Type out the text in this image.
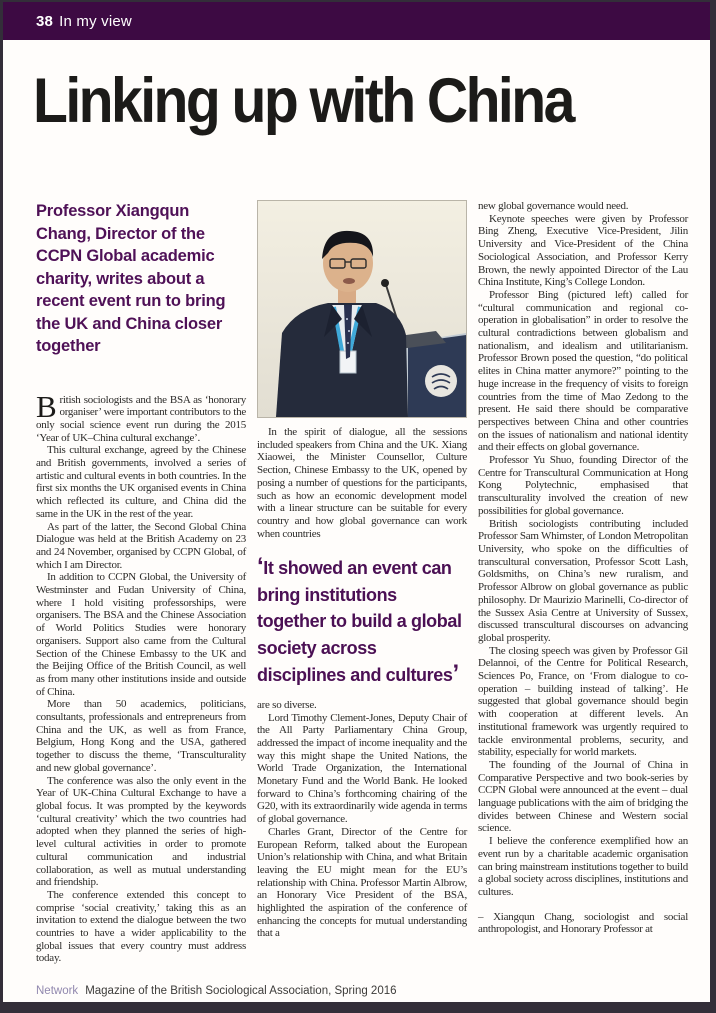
38 In my view
Linking up with China
Professor Xiangqun Chang, Director of the CCPN Global academic charity, writes about a recent event run to bring the UK and China closer together

British sociologists and the BSA as ‘honorary organiser’ were important contributors to the only social science event run during the 2015 ‘Year of UK–China cultural exchange’.

This cultural exchange, agreed by the Chinese and British governments, involved a series of artistic and cultural events in both countries. In the first six months the UK organised events in China which reflected its culture, and China did the same in the UK in the rest of the year.

As part of the latter, the Second Global China Dialogue was held at the British Academy on 23 and 24 November, organised by CCPN Global, of which I am Director.

In addition to CCPN Global, the University of Westminster and Fudan University of China, where I hold visiting professorships, were organisers. The BSA and the Chinese Association of World Politics Studies were honorary organisers. Support also came from the Cultural Section of the Chinese Embassy to the UK and the Beijing Office of the British Council, as well as from many other institutions inside and outside of China.

More than 50 academics, politicians, consultants, professionals and entrepreneurs from China and the UK, as well as from France, Belgium, Hong Kong and the USA, gathered together to discuss the theme, ‘Transculturality and new global governance’.

The conference was also the only event in the Year of UK-China Cultural Exchange to have a global focus. It was prompted by the keywords ‘cultural creativity’ which the two countries had adopted when they planned the series of high-level cultural activities in order to promote cultural communication and industrial collaboration, as well as mutual understanding and friendship.

The conference extended this concept to comprise ‘social creativity,’ taking this as an invitation to extend the dialogue between the two countries to have a wider applicability to the global issues that every country must address today.

In the spirit of dialogue, all the sessions included speakers from China and the UK. Xiang Xiaowei, the Minister Counsellor, Culture Section, Chinese Embassy to the UK, opened by posing a number of questions for the participants, such as how an economic development model with a linear structure can be suitable for every country and how global governance can work when countries

‘It showed an event can bring institutions together to build a global society across disciplines and cultures’

are so diverse.

Lord Timothy Clement-Jones, Deputy Chair of the All Party Parliamentary China Group, addressed the impact of income inequality and the way this might shape the United Nations, the World Trade Organization, the International Monetary Fund and the World Bank. He looked forward to China’s forthcoming chairing of the G20, with its extraordinarily wide agenda in terms of global governance.

Charles Grant, Director of the Centre for European Reform, talked about the European Union’s relationship with China, and what Britain leaving the EU might mean for the EU’s relationship with China. Professor Martin Albrow, an Honorary Vice President of the BSA, highlighted the aspiration of the conference of enhancing the concepts for mutual understanding that a

new global governance would need.

Keynote speeches were given by Professor Bing Zheng, Executive Vice-President, Jilin University and Vice-President of the China Sociological Association, and Professor Kerry Brown, the newly appointed Director of the Lau China Institute, King’s College London.

Professor Bing (pictured left) called for “cultural communication and regional co-operation in globalisation” in order to resolve the cultural contradictions between globalism and nationalism, and idealism and utilitarianism. Professor Brown posed the question, “do political elites in China matter anymore?” pointing to the huge increase in the frequency of visits to foreign countries from the time of Mao Zedong to the present. He said there should be comparative perspectives between China and other countries on the issues of nationalism and national identity and their effects on global governance.

Professor Yu Shuo, founding Director of the Centre for Transcultural Communication at Hong Kong Polytechnic, emphasised that transculturality involved the creation of new possibilities for global governance.

British sociologists contributing included Professor Sam Whimster, of London Metropolitan University, who spoke on the difficulties of transcultural conversation, Professor Scott Lash, Goldsmiths, on China’s new ruralism, and Professor Albrow on global governance as public philosophy. Dr Maurizio Marinelli, Co-director of the Sussex Asia Centre at University of Sussex, discussed transcultural discourses on advancing global prosperity.

The closing speech was given by Professor Gil Delannoi, of the Centre for Political Research, Sciences Po, France, on ‘From dialogue to co-operation – building instead of talking’. He suggested that global governance should begin with cooperation at different levels. An institutional framework was urgently required to tackle environmental problems, security, and stability, especially for world markets.

The founding of the Journal of China in Comparative Perspective and two book-series by CCPN Global were announced at the event – dual language publications with the aim of bridging the divides between Chinese and Western social science.

I believe the conference exemplified how an event run by a charitable academic organisation can bring mainstream institutions together to build a global society across disciplines, institutions and cultures.

– Xiangqun Chang, sociologist and social anthropologist, and Honorary Professor at

Network Magazine of the British Sociological Association, Spring 2016
